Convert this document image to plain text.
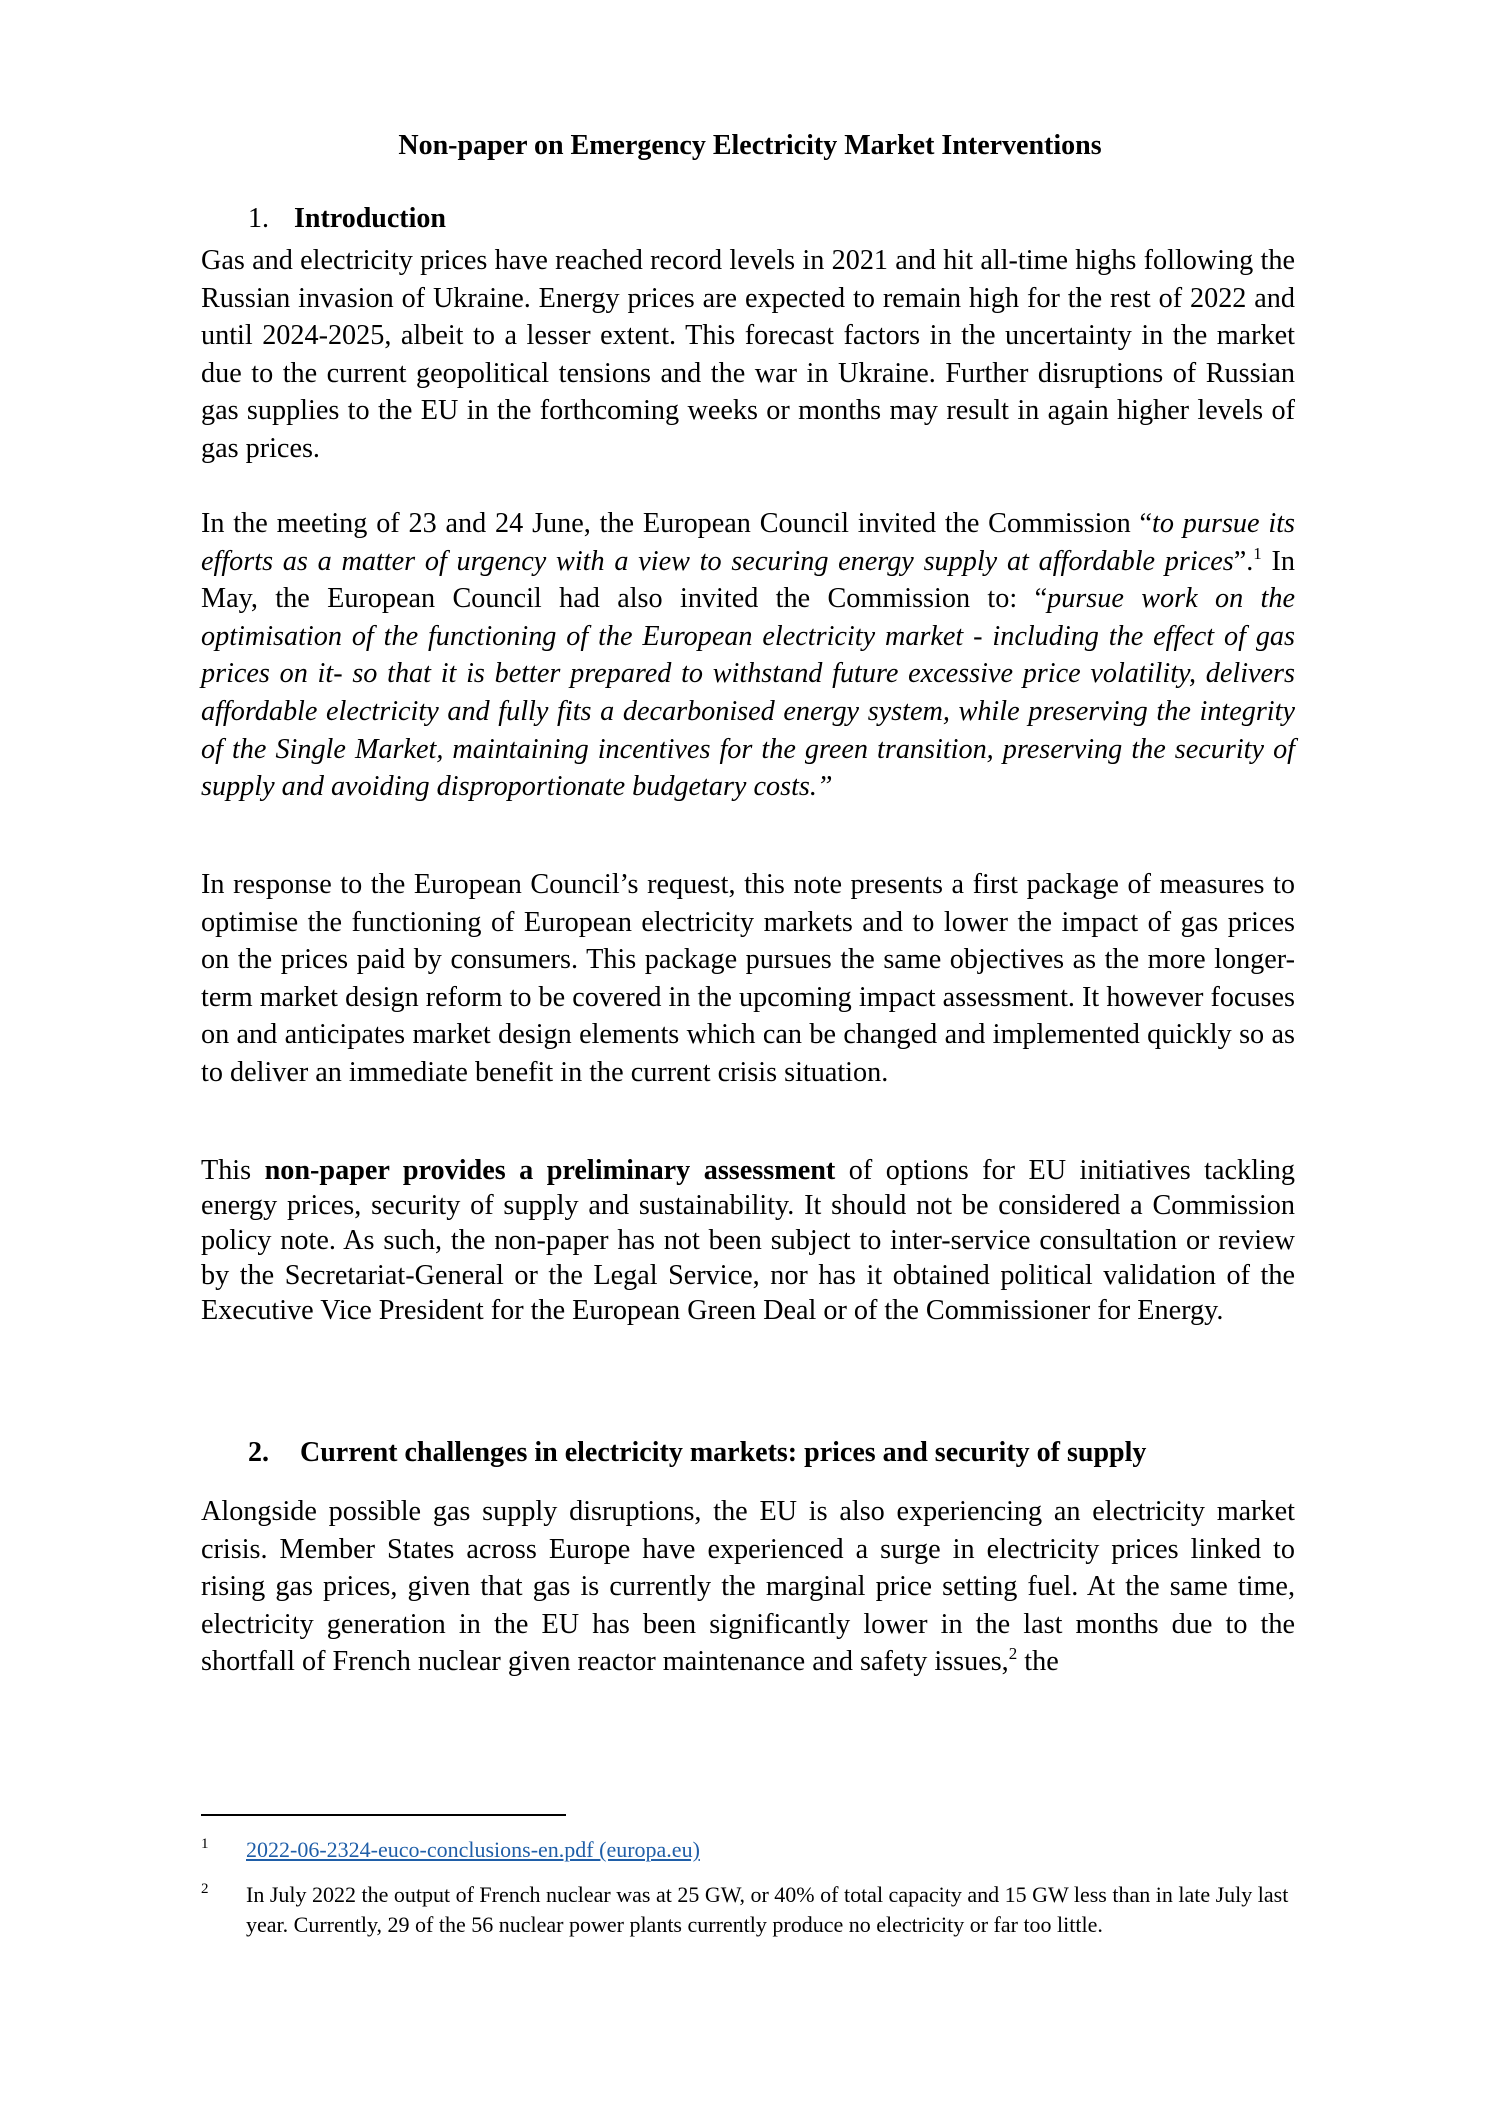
Non-paper on Emergency Electricity Market Interventions
1. Introduction

Gas and electricity prices have reached record levels in 2021 and hit all-time highs following the Russian invasion of Ukraine. Energy prices are expected to remain high for the rest of 2022 and until 2024-2025, albeit to a lesser extent. This forecast factors in the uncertainty in the market due to the current geopolitical tensions and the war in Ukraine. Further disruptions of Russian gas supplies to the EU in the forthcoming weeks or months may result in again higher levels of gas prices.

In the meeting of 23 and 24 June, the European Council invited the Commission “to pursue its efforts as a matter of urgency with a view to securing energy supply at affordable prices”.$^1$ In May, the European Council had also invited the Commission to: “pursue work on the optimisation of the functioning of the European electricity market - including the effect of gas prices on it- so that it is better prepared to withstand future excessive price volatility, delivers affordable electricity and fully fits a decarbonised energy system, while preserving the integrity of the Single Market, maintaining incentives for the green transition, preserving the security of supply and avoiding disproportionate budgetary costs.”

In response to the European Council’s request, this note presents a first package of measures to optimise the functioning of European electricity markets and to lower the impact of gas prices on the prices paid by consumers. This package pursues the same objectives as the more longer-term market design reform to be covered in the upcoming impact assessment. It however focuses on and anticipates market design elements which can be changed and implemented quickly so as to deliver an immediate benefit in the current crisis situation.

This non-paper provides a preliminary assessment of options for EU initiatives tackling energy prices, security of supply and sustainability. It should not be considered a Commission policy note. As such, the non-paper has not been subject to inter-service consultation or review by the Secretariat-General or the Legal Service, nor has it obtained political validation of the Executive Vice President for the European Green Deal or of the Commissioner for Energy.

2. Current challenges in electricity markets: prices and security of supply

Alongside possible gas supply disruptions, the EU is also experiencing an electricity market crisis. Member States across Europe have experienced a surge in electricity prices linked to rising gas prices, given that gas is currently the marginal price setting fuel. At the same time, electricity generation in the EU has been significantly lower in the last months due to the shortfall of French nuclear given reactor maintenance and safety issues,$^2$ the

1 2022-06-2324-euco-conclusions-en.pdf (europa.eu)
2 In July 2022 the output of French nuclear was at 25 GW, or 40% of total capacity and 15 GW less than in late July last year. Currently, 29 of the 56 nuclear power plants currently produce no electricity or far too little.
